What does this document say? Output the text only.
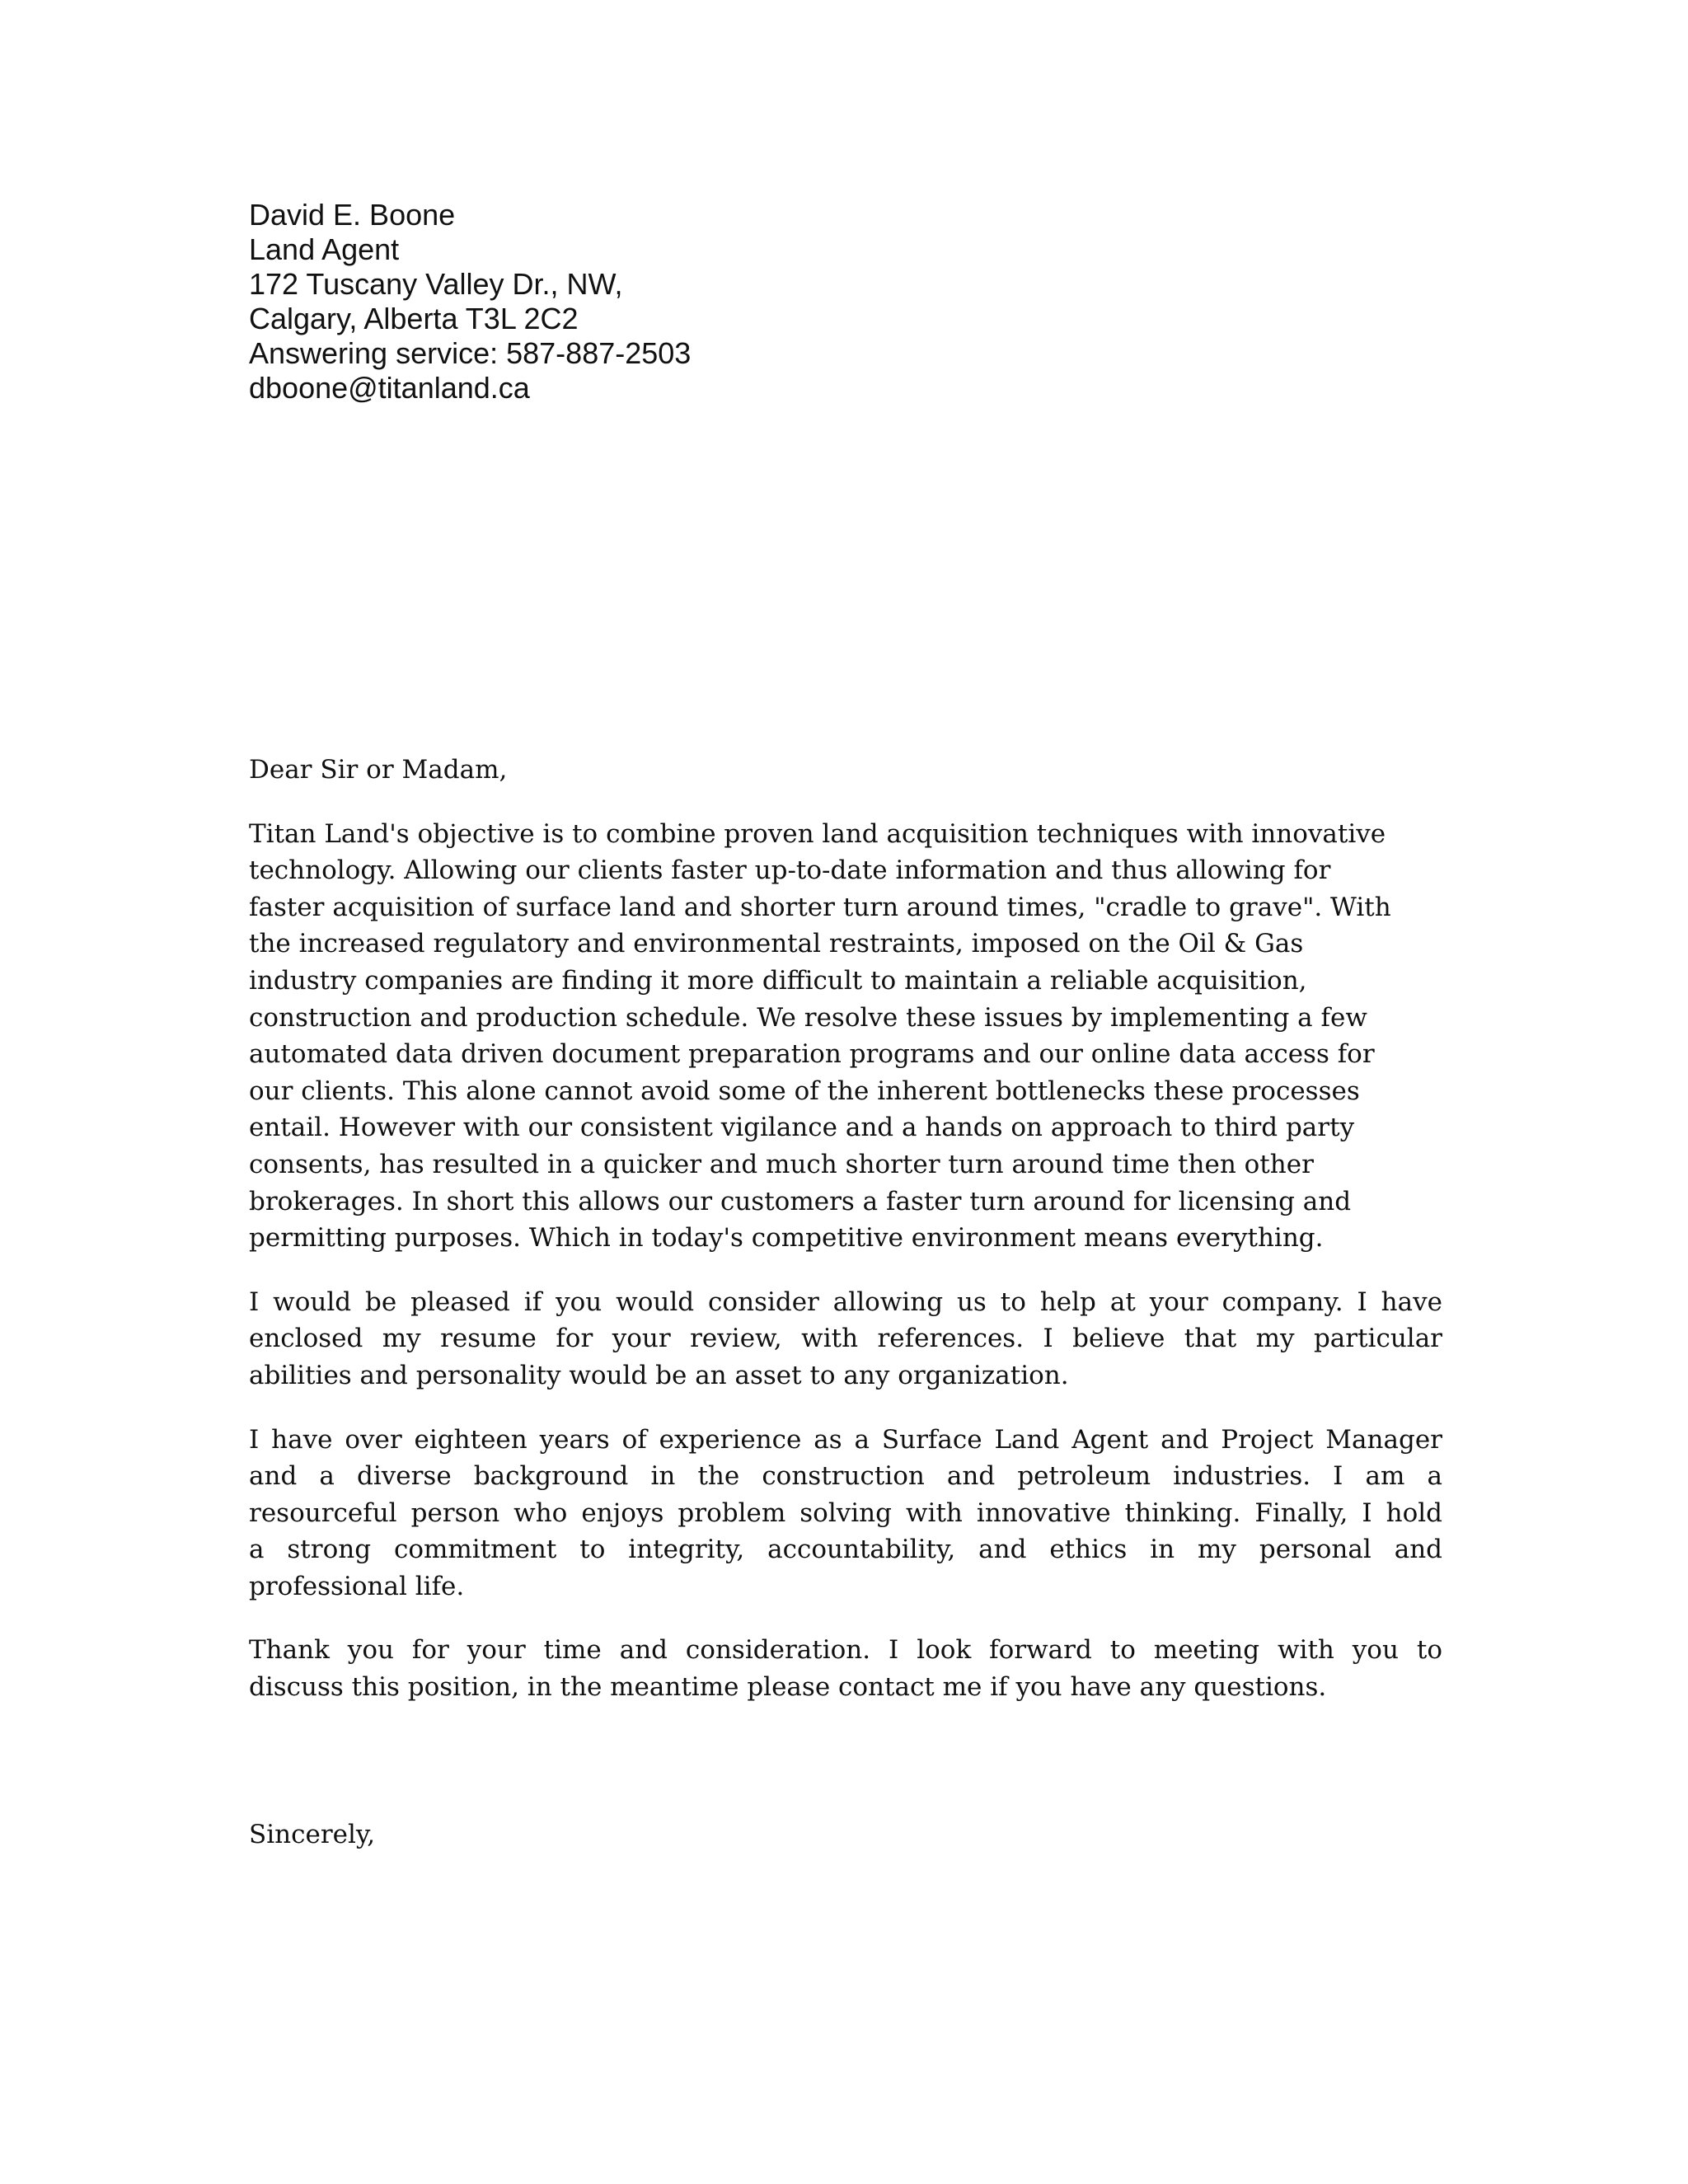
David E. Boone
Land Agent
172 Tuscany Valley Dr., NW,
Calgary, Alberta T3L 2C2
Answering service: 587-887-2503
dboone@titanland.ca

Dear Sir or Madam,

Titan Land's objective is to combine proven land acquisition techniques with innovative
technology. Allowing our clients faster up-to-date information and thus allowing for
faster acquisition of surface land and shorter turn around times, "cradle to grave". With
the increased regulatory and environmental restraints, imposed on the Oil & Gas
industry companies are finding it more difficult to maintain a reliable acquisition,
construction and production schedule. We resolve these issues by implementing a few
automated data driven document preparation programs and our online data access for
our clients. This alone cannot avoid some of the inherent bottlenecks these processes
entail. However with our consistent vigilance and a hands on approach to third party
consents, has resulted in a quicker and much shorter turn around time then other
brokerages. In short this allows our customers a faster turn around for licensing and
permitting purposes. Which in today's competitive environment means everything.

I would be pleased if you would consider allowing us to help at your company. I have
enclosed my resume for your review, with references. I believe that my particular
abilities and personality would be an asset to any organization.

I have over eighteen years of experience as a Surface Land Agent and Project Manager
and a diverse background in the construction and petroleum industries. I am a
resourceful person who enjoys problem solving with innovative thinking. Finally, I hold
a strong commitment to integrity, accountability, and ethics in my personal and
professional life.

Thank you for your time and consideration. I look forward to meeting with you to
discuss this position, in the meantime please contact me if you have any questions.

Sincerely,
